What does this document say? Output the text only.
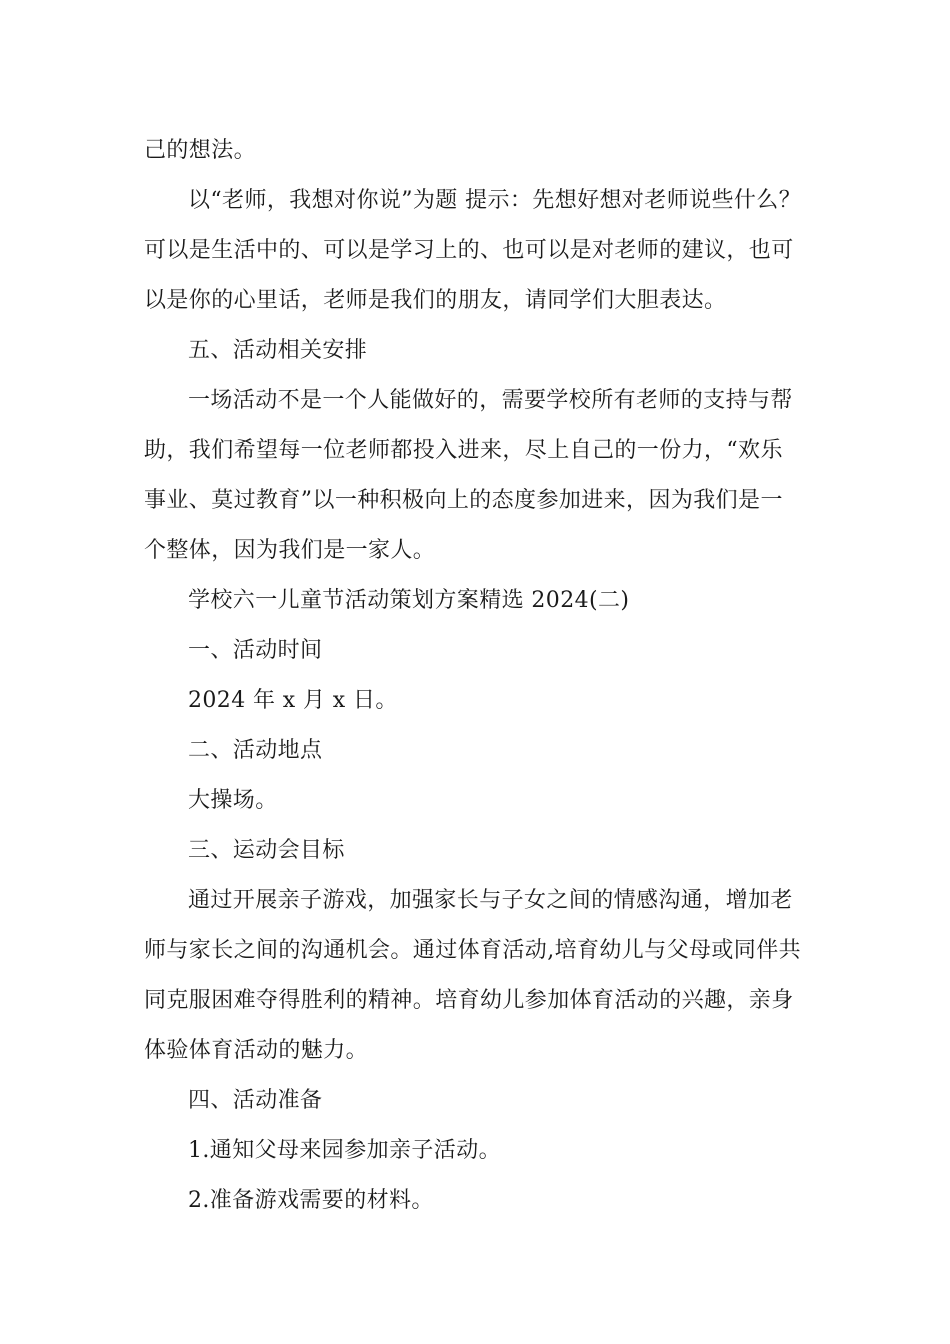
己的想法。
以“老师，我想对你说”为题 提示：先想好想对老师说些什么？
可以是生活中的、可以是学习上的、也可以是对老师的建议，也可
以是你的心里话，老师是我们的朋友，请同学们大胆表达。
五、活动相关安排
一场活动不是一个人能做好的，需要学校所有老师的支持与帮
助，我们希望每一位老师都投入进来，尽上自己的一份力，“欢乐
事业、莫过教育”以一种积极向上的态度参加进来，因为我们是一
个整体，因为我们是一家人。
学校六一儿童节活动策划方案精选 2024(二)
一、活动时间
2024 年 x 月 x 日。
二、活动地点
大操场。
三、运动会目标
通过开展亲子游戏，加强家长与子女之间的情感沟通，增加老
师与家长之间的沟通机会。通过体育活动,培育幼儿与父母或同伴共
同克服困难夺得胜利的精神。培育幼儿参加体育活动的兴趣，亲身
体验体育活动的魅力。
四、活动准备
1.通知父母来园参加亲子活动。
2.准备游戏需要的材料。
